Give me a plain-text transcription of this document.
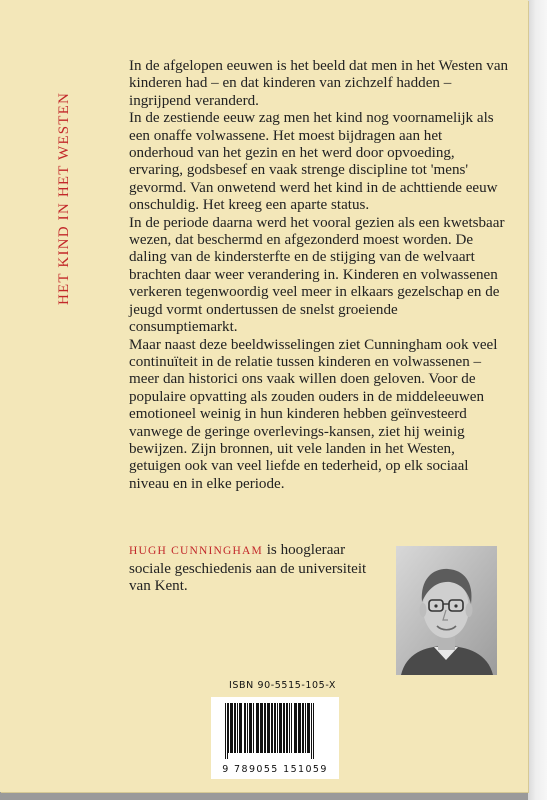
HET KIND IN HET WESTEN

In de afgelopen eeuwen is het beeld dat men in het Westen van kinderen had – en dat kinderen van zichzelf hadden – ingrijpend veranderd.

In de zestiende eeuw zag men het kind nog voornamelijk als een onaffe volwassene. Het moest bijdragen aan het onderhoud van het gezin en het werd door opvoeding, ervaring, godsbesef en vaak strenge discipline tot 'mens' gevormd. Van onwetend werd het kind in de achttiende eeuw onschuldig. Het kreeg een aparte status.

In de periode daarna werd het vooral gezien als een kwetsbaar wezen, dat beschermd en afgezonderd moest worden. De daling van de kindersterfte en de stijging van de welvaart brachten daar weer verandering in. Kinderen en volwassenen verkeren tegenwoordig veel meer in elkaars gezelschap en de jeugd vormt ondertussen de snelst groeiende consumptiemarkt.

Maar naast deze beeldwisselingen ziet Cunningham ook veel continuïteit in de relatie tussen kinderen en volwassenen – meer dan historici ons vaak willen doen geloven. Voor de populaire opvatting als zouden ouders in de middeleeuwen emotioneel weinig in hun kinderen hebben geïnvesteerd vanwege de geringe overlevings-kansen, ziet hij weinig bewijzen. Zijn bronnen, uit vele landen in het Westen, getuigen ook van veel liefde en tederheid, op elk sociaal niveau en in elke periode.

HUGH CUNNINGHAM is hoogleraar sociale geschiedenis aan de universiteit van Kent.
ISBN 90-5515-105-X
9 789055 151059
